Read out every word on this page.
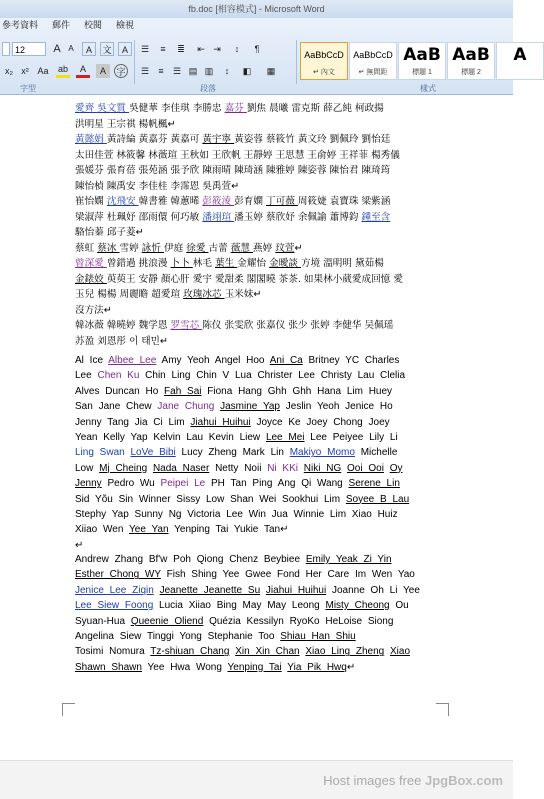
fb.doc [相容模式] - Microsoft Word
參考資料 郵件 校閱 檢視
12	A A	A	文	A
x₂ x² Aa ab	A	A	字
☰	≡	≣	⇤ ⇥	↕	¶
☰	≡	☰ ▤ ▥	↕	◧	▦
AaBbCcD
↵ 內文
AaBbCcD
↵ 無間距
AaB
標題 1
AaB
標題 2
A
字型	段落	樣式

愛齊 吳文質 吳健華 李佳琪 李勝忠 嘉芬 劉焦 晨曦 雷克斯 薛乙純 柯政揚

洪明星 王宗祺 楊帆楓↵

黃懿娟 黃詩綸 黃嘉芬 黃嘉可 黃宇寧 黃姿蓉 蔡筱竹 黃文玲 劉佩玲 劉怡廷

太田佳萱 林筱馨 林薇瑄 王秋如 王欣帆 王靜婷 王思慧 王俞婷 王祥菲 楊秀儀

張媛芬 張育蓓 張苑涵 張予欣 陳雨晴 陳琦涵 陳雅婷 陳姿蓉 陳怡君 陳琦筠

陳怡楨 陳禹安 李佳桂 李霈恩 吳禹萱↵

崔怡嫻 沈飛安 韓書雅 韓蕙晞 彭筱淩 彭育嫻 丁可薇 周筱婕 袁寶珠 梁紫涵

梁淑萍 杜珮妤 邵雨儇 何巧敏 潘翊瑄 潘玉婷 蔡欣妤 余佩諭 蕭博鈞 鍾至含

駱怡蓁 邱子菱↵

蔡虹 蔡冰 雪婷 詠忻 伊庭 徐愛 古蕾 薇慧 燕婷 玟萱↵

曾深愛 曾錯過 挑浪漫 卜卜 林毛 葉生 金耀怡 金曖談 方境 溫明明 黛茹楊

金錶姣 萸萸王 安靜 顏心肝 愛宇 愛甜柔 閣閣曉 茶茶. 如果林小葳愛成回憶 愛

玉兒 楊楊 周麗瞻 超愛瑄 玫瑰冰芯 玉米妹↵

沒方法↵

韓冰薇 韓曉婷 魏学恩 罗雪芯 陈仪 张雯欣 张嘉仪 张少 张婷 李健华 吴佩瑶

苏盈 刘恩彤 이 태민↵

Al Ice Albee Lee Amy Yeoh Angel Hoo Ani Ca Britney YC Charles

Lee Chen Ku Chin Ling Chin V Lua Christer Lee Christy Lau Clelia

Alves Duncan Ho Fah Sai Fiona Hang Ghh Ghh Hana Lim Huey

San Jane Chew Jane Chung Jasmine Yap Jeslin Yeoh Jenice Ho

Jenny Tang Jia Ci Lim Jiahui Huihui Joyce Ke Joey Chong Joey

Yean Kelly Yap Kelvin Lau Kevin Liew Lee Mei Lee Peiyee Lily Li

Ling Swan LoVe Bibi Lucy Zheng Mark Lin Makiyo Momo Michelle

Low Mj Cheing Nada Naser Netty Noii Ni KKi Niki NG Ooi Ooi Oy

Jenny Pedro Wu Peipei Le PH Tan Ping Ang Qi Wang Serene Lin

Sid Yõu Sin Winner Sissy Low Shan Wei Sookhui Lim Soyee B Lau

Stephy Yap Sunny Ng Victoria Lee Win Jua Winnie Lim Xiao Huiz

Xiiao Wen Yee Yan Yenping Tai Yukie Tan↵

↵

Andrew Zhang Bf'w Poh Qiong Chenz Beybiee Emily Yeak Zi Yin

Esther Chong WY Fish Shing Yee Gwee Fond Her Care Im Wen Yao

Jenice Lee Ziqin Jeanette Jeanette Su Jiahui Huihui Joanne Oh Li Yee

Lee Siew Foong Lucia Xiiao Bing May May Leong Misty Cheong Ou

Syuan-Hua Queenie Oliend Quézia Kessilyn RyoKo HeLoise Siong

Angelina Siew Tinggi Yong Stephanie Too Shiau Han Shiu

Tosimi Nomura Tz-shiuan Chang Xin Xin Chan Xiao Ling Zheng Xiao

Shawn Shawn Yee Hwa Wong Yenping Tai Yia Pik Hwq↵

Host images free JpgBox.com
